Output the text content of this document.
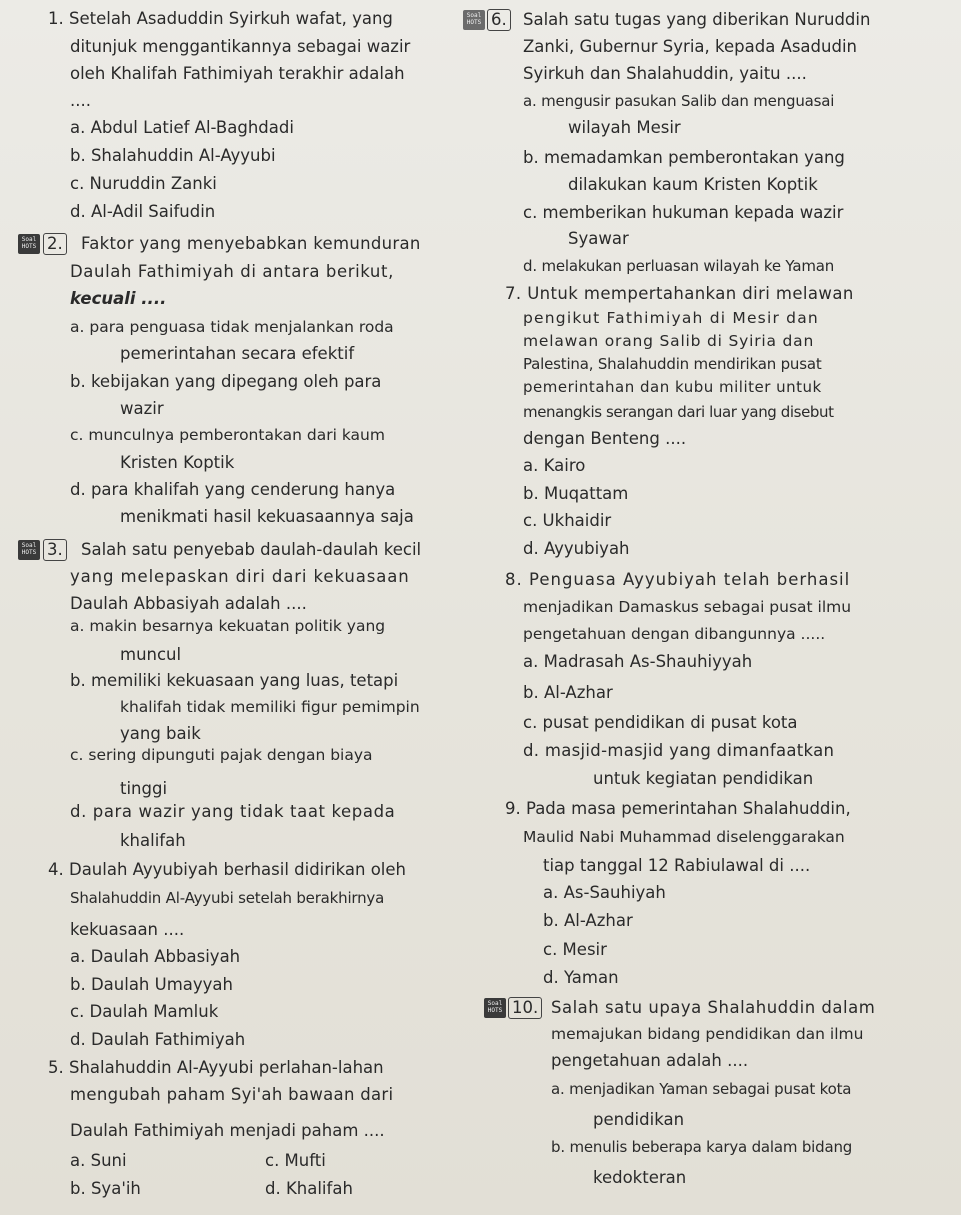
1. Setelah Asaduddin Syirkuh wafat, yang
ditunjuk menggantikannya sebagai wazir
oleh Khalifah Fathimiyah terakhir adalah
....
a. Abdul Latief Al-Baghdadi
b. Shalahuddin Al-Ayyubi
c. Nuruddin Zanki
d. Al-Adil Saifudin
Soal HOTS 2. Faktor yang menyebabkan kemunduran
Daulah Fathimiyah di antara berikut,
kecuali ....
a. para penguasa tidak menjalankan roda
pemerintahan secara efektif
b. kebijakan yang dipegang oleh para
wazir
c. munculnya pemberontakan dari kaum
Kristen Koptik
d. para khalifah yang cenderung hanya
menikmati hasil kekuasaannya saja
Soal HOTS 3. Salah satu penyebab daulah-daulah kecil
yang melepaskan diri dari kekuasaan
Daulah Abbasiyah adalah ....
a. makin besarnya kekuatan politik yang
muncul
b. memiliki kekuasaan yang luas, tetapi
khalifah tidak memiliki figur pemimpin
yang baik
c. sering dipunguti pajak dengan biaya
tinggi
d. para wazir yang tidak taat kepada
khalifah
4. Daulah Ayyubiyah berhasil didirikan oleh
Shalahuddin Al-Ayyubi setelah berakhirnya
kekuasaan ....
a. Daulah Abbasiyah
b. Daulah Umayyah
c. Daulah Mamluk
d. Daulah Fathimiyah
5. Shalahuddin Al-Ayyubi perlahan-lahan
mengubah paham Syi'ah bawaan dari
Daulah Fathimiyah menjadi paham ....
a. Suni
b. Sya'ih
c. Mufti
d. Khalifah
Soal HOTS 6. Salah satu tugas yang diberikan Nuruddin
Zanki, Gubernur Syria, kepada Asadudin
Syirkuh dan Shalahuddin, yaitu ....
a. mengusir pasukan Salib dan menguasai
wilayah Mesir
b. memadamkan pemberontakan yang
dilakukan kaum Kristen Koptik
c. memberikan hukuman kepada wazir
Syawar
d. melakukan perluasan wilayah ke Yaman
7. Untuk mempertahankan diri melawan
pengikut Fathimiyah di Mesir dan
melawan orang Salib di Syiria dan
Palestina, Shalahuddin mendirikan pusat
pemerintahan dan kubu militer untuk
menangkis serangan dari luar yang disebut
dengan Benteng ....
a. Kairo
b. Muqattam
c. Ukhaidir
d. Ayyubiyah
8. Penguasa Ayyubiyah telah berhasil
menjadikan Damaskus sebagai pusat ilmu
pengetahuan dengan dibangunnya .....
a. Madrasah As-Shauhiyyah
b. Al-Azhar
c. pusat pendidikan di pusat kota
d. masjid-masjid yang dimanfaatkan
untuk kegiatan pendidikan
9. Pada masa pemerintahan Shalahuddin,
Maulid Nabi Muhammad diselenggarakan
tiap tanggal 12 Rabiulawal di ....
a. As-Sauhiyah
b. Al-Azhar
c. Mesir
d. Yaman
Soal HOTS 10. Salah satu upaya Shalahuddin dalam
memajukan bidang pendidikan dan ilmu
pengetahuan adalah ....
a. menjadikan Yaman sebagai pusat kota
pendidikan
b. menulis beberapa karya dalam bidang
kedokteran
